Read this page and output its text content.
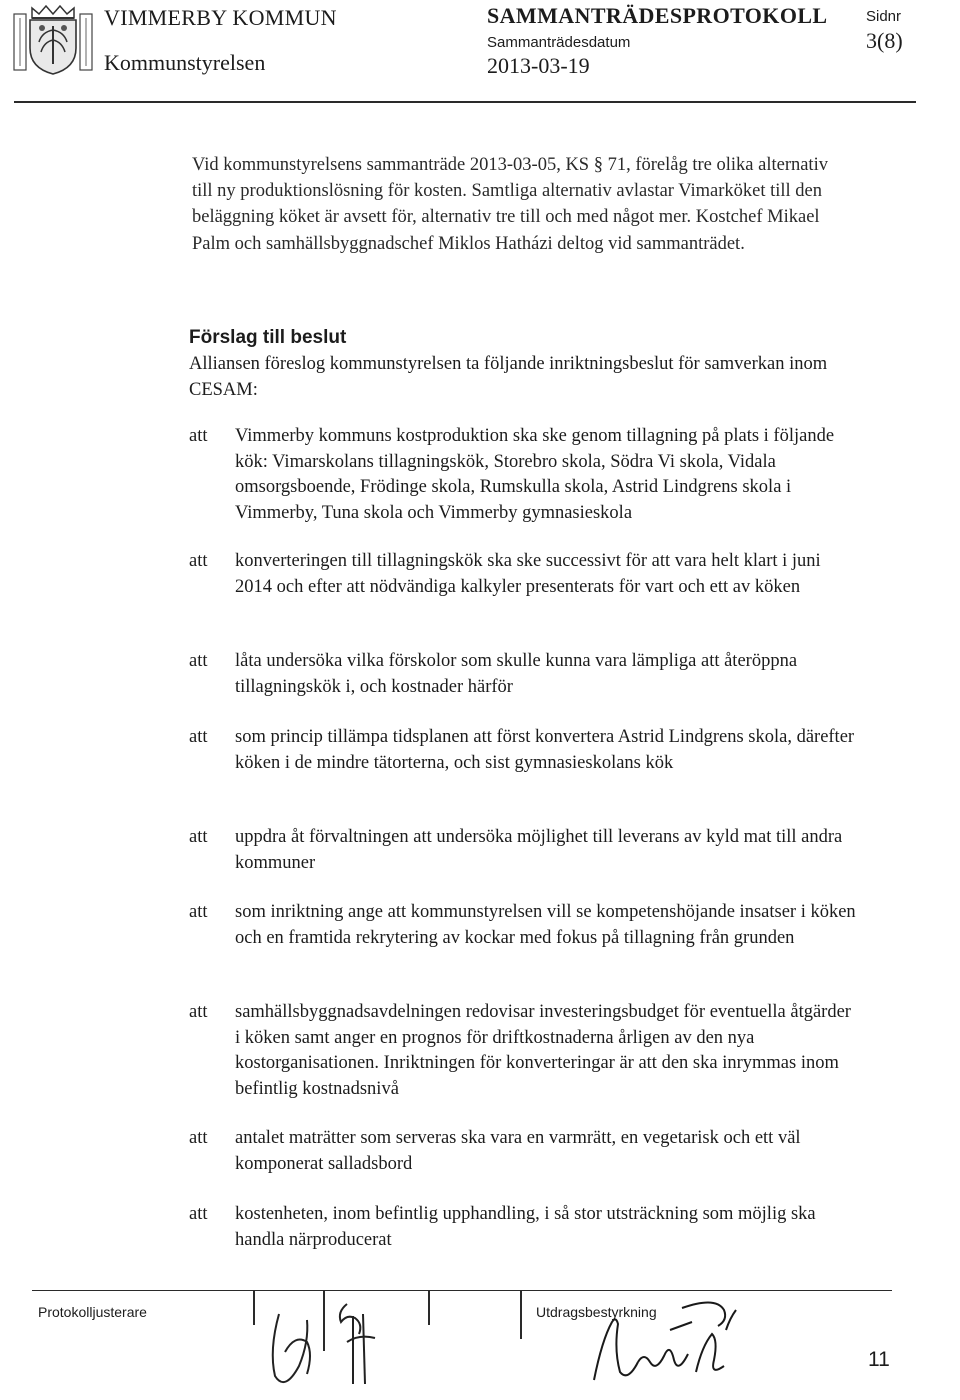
VIMMERBY KOMMUN
Kommunstyrelsen
SAMMANTRÄDESPROTOKOLL
Sammanträdesdatum
2013-03-19
Sidnr
3(8)

Vid kommunstyrelsens sammanträde 2013-03-05, KS § 71, förelåg tre olika alternativ till ny produktionslösning för kosten. Samtliga alternativ avlastar Vimarköket till den beläggning köket är avsett för, alternativ tre till och med något mer. Kostchef Mikael Palm och samhällsbyggnadschef Miklos Hatházi deltog vid sammanträdet.

Förslag till beslut

Alliansen föreslog kommunstyrelsen ta följande inriktningsbeslut för samverkan inom CESAM:

att Vimmerby kommuns kostproduktion ska ske genom tillagning på plats i följande kök: Vimarskolans tillagningskök, Storebro skola, Södra Vi skola, Vidala omsorgsboende, Frödinge skola, Rumskulla skola, Astrid Lindgrens skola i Vimmerby, Tuna skola och Vimmerby gymnasieskola
att konverteringen till tillagningskök ska ske successivt för att vara helt klart i juni 2014 och efter att nödvändiga kalkyler presenterats för vart och ett av köken
att låta undersöka vilka förskolor som skulle kunna vara lämpliga att återöppna tillagningskök i, och kostnader härför
att som princip tillämpa tidsplanen att först konvertera Astrid Lindgrens skola, därefter köken i de mindre tätorterna, och sist gymnasieskolans kök
att uppdra åt förvaltningen att undersöka möjlighet till leverans av kyld mat till andra kommuner
att som inriktning ange att kommunstyrelsen vill se kompetenshöjande insatser i köken och en framtida rekrytering av kockar med fokus på tillagning från grunden
att samhällsbyggnadsavdelningen redovisar investeringsbudget för eventuella åtgärder i köken samt anger en prognos för driftkostnaderna årligen av den nya kostorganisationen. Inriktningen för konverteringar är att den ska inrymmas inom befintlig kostnadsnivå
att antalet maträtter som serveras ska vara en varmrätt, en vegetarisk och ett väl komponerat salladsbord
att kostenheten, inom befintlig upphandling, i så stor utsträckning som möjlig ska handla närproducerat
Protokolljusterare	Utdragsbestyrkning
11
